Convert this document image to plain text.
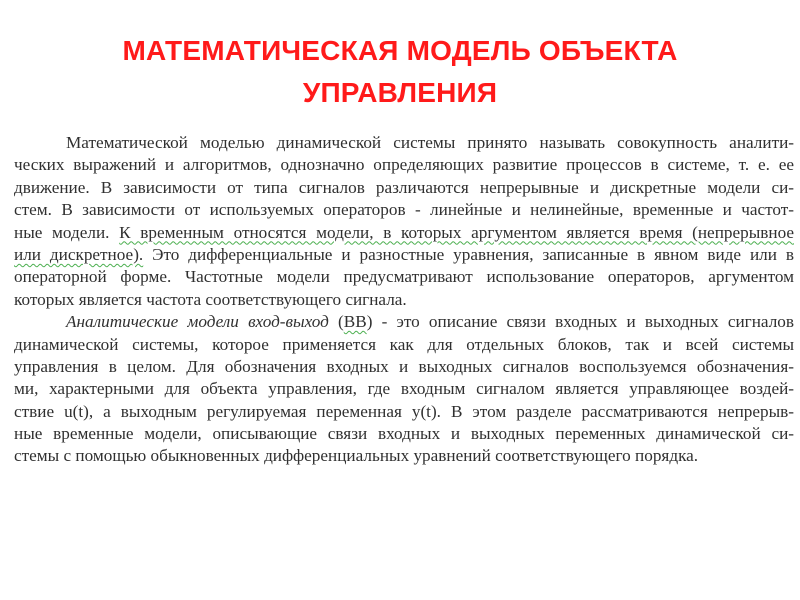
МАТЕМАТИЧЕСКАЯ МОДЕЛЬ ОБЪЕКТА
УПРАВЛЕНИЯ
Математической моделью динамической системы принято называть совокупность аналити-
ческих выражений и алгоритмов, однозначно определяющих развитие процессов в системе, т. е. ее
движение. В зависимости от типа сигналов различаются непрерывные и дискретные модели си-
стем. В зависимости от используемых операторов - линейные и нелинейные, временные и частот-
ные модели. К временным относятся модели, в которых аргументом является время (непрерывное
или дискретное). Это дифференциальные и разностные уравнения, записанные в явном виде или в
операторной форме. Частотные модели предусматривают использование операторов, аргументом
которых является частота соответствующего сигнала.
Аналитические модели вход-выход (ВВ) - это описание связи входных и выходных сигналов
динамической системы, которое применяется как для отдельных блоков, так и всей системы
управления в целом. Для обозначения входных и выходных сигналов воспользуемся обозначения-
ми, характерными для объекта управления, где входным сигналом является управляющее воздей-
ствие u(t), а выходным регулируемая переменная y(t). В этом разделе рассматриваются непрерыв-
ные временные модели, описывающие связи входных и выходных переменных динамической си-
стемы с помощью обыкновенных дифференциальных уравнений соответствующего порядка.
